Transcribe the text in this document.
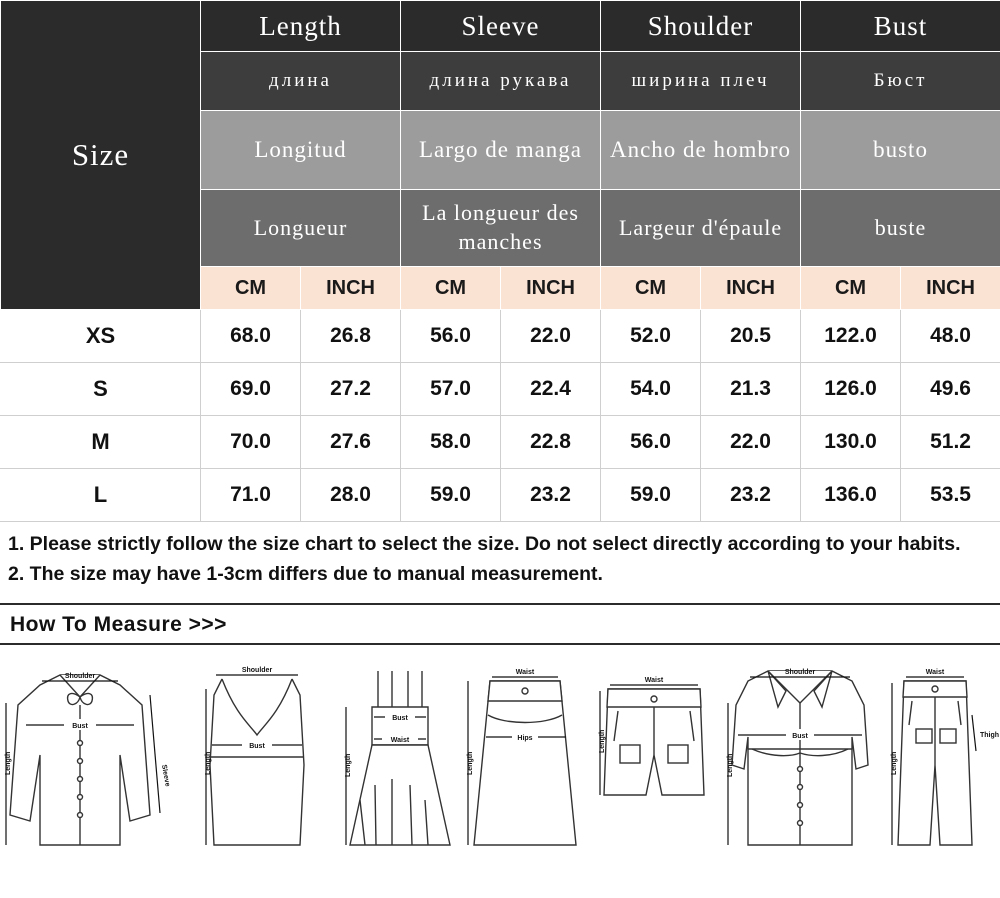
Size	Length		Sleeve		Shoulder		Bust	
	длина		длина рукава		ширина плеч		Бюст	
	Longitud		Largo de manga		Ancho de hombro		busto	
	Longueur		La longueur des manches		Largeur d'épaule		buste	
	CM	INCH	CM	INCH	CM	INCH	CM	INCH
XS	68.0	26.8	56.0	22.0	52.0	20.5	122.0	48.0
S	69.0	27.2	57.0	22.4	54.0	21.3	126.0	49.6
M	70.0	27.6	58.0	22.8	56.0	22.0	130.0	51.2
L	71.0	28.0	59.0	23.2	59.0	23.2	136.0	53.5

1. Please strictly follow the size chart to select the size. Do not select directly according to your habits.

2. The size may have 1-3cm differs due to manual measurement.

How To Measure >>>
Shoulder
Bust
Sleeve
Length
Shoulder
Bust
Length
Bust
Waist
Length
Waist
Hips
Length
Waist
Length
Shoulder
Bust
Length
Waist
Thigh
Length
